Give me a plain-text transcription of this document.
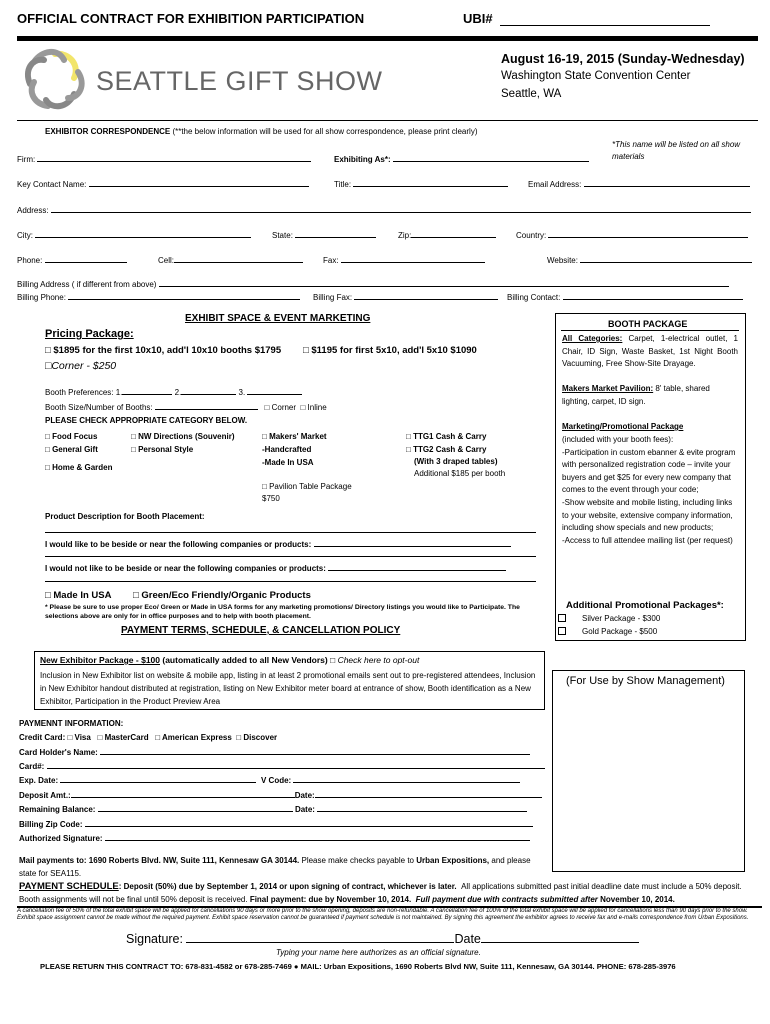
OFFICIAL CONTRACT FOR EXHIBITION PARTICIPATION	UBI#
SEATTLE GIFT SHOW
August 16-19, 2015 (Sunday-Wednesday)
Washington State Convention Center
Seattle, WA
EXHIBITOR CORRESPONDENCE (**the below information will be used for all show correspondence, please print clearly)
*This name will be listed on all show materials
Firm:	Exhibiting As*:
Key Contact Name:	Title:	Email Address:
Address:
City:	State:	Zip:	Country:
Phone:	Cell:	Fax:	Website:
Billing Address ( if different from above)
Billing Phone:	Billing Fax:	Billing Contact:
EXHIBIT SPACE & EVENT MARKETING
Pricing Package:
□ $1895 for the first 10x10, add'l 10x10 booths $1795 □ $1195 for first 5x10, add'l 5x10 $1090
□Corner - $250
Booth Preferences: 1.	2.	3.
Booth Size/Number of Booths:	□ Corner  □ Inline
PLEASE CHECK APPROPRIATE CATEGORY BELOW.
□ Food Focus
□ General Gift
□ Home & Garden
□ NW Directions (Souvenir)
□ Personal Style
□ Makers' Market
-Handcrafted
-Made In USA
□ Pavilion Table Package
$750
□ TTG1 Cash & Carry
□ TTG2 Cash & Carry
(With 3 draped tables)
Additional $185 per booth
Product Description for Booth Placement:
I would like to be beside or near the following companies or products:
I would not like to be beside or near the following companies or products:
□ Made In USA □ Green/Eco Friendly/Organic Products
* Please be sure to use proper Eco/ Green or Made in USA forms for any marketing promotions/ Directory listings you would like to Participate. The selections above are only for in office purposes and to help with booth placement.
BOOTH PACKAGE
All Categories: Carpet, 1-electrical outlet, 1 Chair, ID Sign, Waste Basket, 1st Night Booth Vacuuming, Free Show-Site Drayage.
Makers Market Pavilion: 8' table, shared lighting, carpet, ID sign.
Marketing/Promotional Package
(included with your booth fees):
-Participation in custom ebanner & evite program with personalized registration code – invite your buyers and get $25 for every new company that comes to the event through your code;
-Show website and mobile listing, including links to your website, extensive company information, including show specials and new products;
-Access to full attendee mailing list (per request)
Additional Promotional Packages*:
Silver Package - $300
Gold Package - $500
PAYMENT TERMS, SCHEDULE, & CANCELLATION POLICY
New Exhibitor Package - $100 (automatically added to all New Vendors) □ Check here to opt-out
Inclusion in New Exhibitor list on website & mobile app, listing in at least 2 promotional emails sent out to pre-registered attendees, Inclusion in New Exhibitor handout distributed at registration, listing on New Exhibitor meter board at entrance of show, Booth identification as a New Exhibitor, Participation in the Product Preview Area
(For Use by Show Management)
PAYMENNT INFORMATION:
Credit Card: □ Visa   □ MasterCard   □ American Express  □ Discover
Card Holder's Name:
Card#:
Exp. Date:	V Code:
Deposit Amt.:	Date:
Remaining Balance:	Date:
Billing Zip Code:
Authorized Signature:
Mail payments to: 1690 Roberts Blvd. NW, Suite 111, Kennesaw GA 30144. Please make checks payable to Urban Expositions, and please state for SEA115.
PAYMENT SCHEDULE: Deposit (50%) due by September 1, 2014 or upon signing of contract, whichever is later. All applications submitted past initial deadline date must include a 50% deposit. Booth assignments will not be final until 50% deposit is received. Final payment: due by November 10, 2014. Full payment due with contracts submitted after November 10, 2014.
A cancellation fee of 50% of the total exhibit space will be applied for cancellations 90 days or more prior to the show opening, deposits are non-refundable. A cancellation fee of 100% of the total exhibit space will be applied for cancellations less than 90 days prior to the show. Exhibit space assignment cannot be made without the required payment. Exhibit space reservation cannot be guaranteed if payment schedule is not maintained. By signing this agreement the exhibitor agrees to receive fax and e-mails correspondence from Urban Expositions.
Signature:	Date
Typing your name here authorizes as an official signature.
PLEASE RETURN THIS CONTRACT TO: 678-831-4582 or 678-285-7469 ● MAIL: Urban Expositions, 1690 Roberts Blvd NW, Suite 111, Kennesaw, GA 30144. PHONE: 678-285-3976
